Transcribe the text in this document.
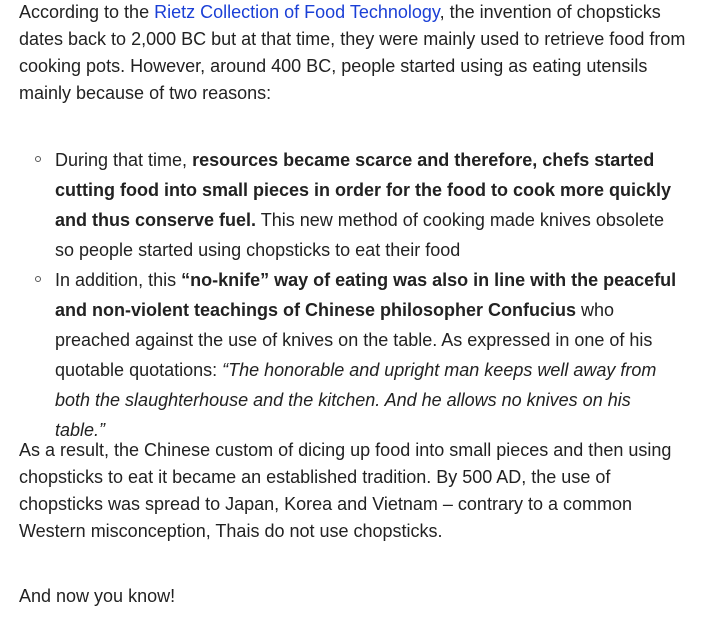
According to the Rietz Collection of Food Technology, the invention of chopsticks dates back to 2,000 BC but at that time, they were mainly used to retrieve food from cooking pots. However, around 400 BC, people started using as eating utensils mainly because of two reasons:

During that time, resources became scarce and therefore, chefs started cutting food into small pieces in order for the food to cook more quickly and thus conserve fuel. This new method of cooking made knives obsolete so people started using chopsticks to eat their food
In addition, this “no-knife” way of eating was also in line with the peaceful and non-violent teachings of Chinese philosopher Confucius who preached against the use of knives on the table. As expressed in one of his quotable quotations: “The honorable and upright man keeps well away from both the slaughterhouse and the kitchen. And he allows no knives on his table.”

As a result, the Chinese custom of dicing up food into small pieces and then using chopsticks to eat it became an established tradition. By 500 AD, the use of chopsticks was spread to Japan, Korea and Vietnam – contrary to a common Western misconception, Thais do not use chopsticks.

And now you know!
